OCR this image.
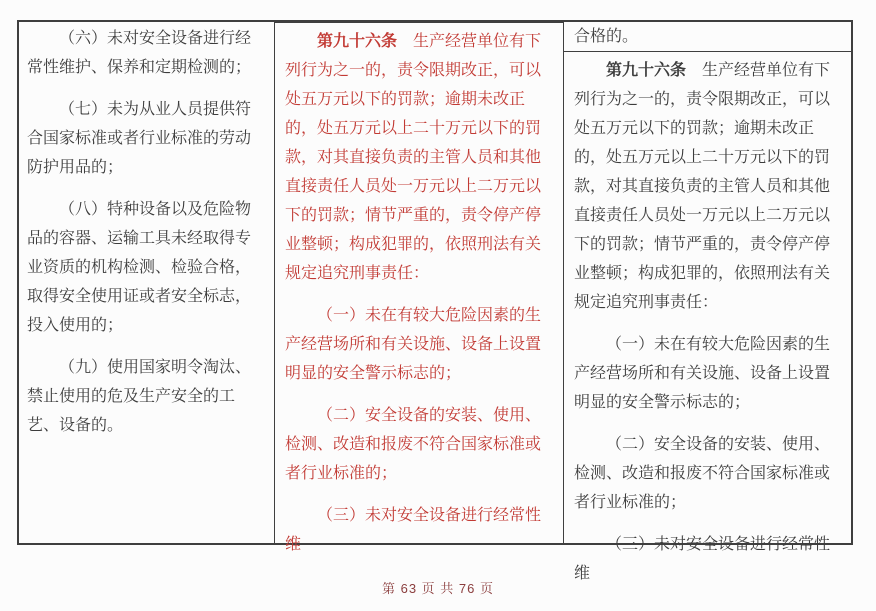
（六）未对安全设备进行经常性维护、保养和定期检测的；

（七）未为从业人员提供符合国家标准或者行业标准的劳动防护用品的；

（八）特种设备以及危险物品的容器、运输工具未经取得专业资质的机构检测、检验合格，取得安全使用证或者安全标志，投入使用的；

（九）使用国家明令淘汰、禁止使用的危及生产安全的工艺、设备的。

第九十六条　生产经营单位有下列行为之一的，责令限期改正，可以处五万元以下的罚款；逾期未改正的，处五万元以上二十万元以下的罚款，对其直接负责的主管人员和其他直接责任人员处一万元以上二万元以下的罚款；情节严重的，责令停产停业整顿；构成犯罪的，依照刑法有关规定追究刑事责任：

（一）未在有较大危险因素的生产经营场所和有关设施、设备上设置明显的安全警示标志的；

（二）安全设备的安装、使用、检测、改造和报废不符合国家标准或者行业标准的；

（三）未对安全设备进行经常性维

合格的。

第九十六条　生产经营单位有下列行为之一的，责令限期改正，可以处五万元以下的罚款；逾期未改正的，处五万元以上二十万元以下的罚款，对其直接负责的主管人员和其他直接责任人员处一万元以上二万元以下的罚款；情节严重的，责令停产停业整顿；构成犯罪的，依照刑法有关规定追究刑事责任：

（一）未在有较大危险因素的生产经营场所和有关设施、设备上设置明显的安全警示标志的；

（二）安全设备的安装、使用、检测、改造和报废不符合国家标准或者行业标准的；

（三）未对安全设备进行经常性维

第 63 页 共 76 页
